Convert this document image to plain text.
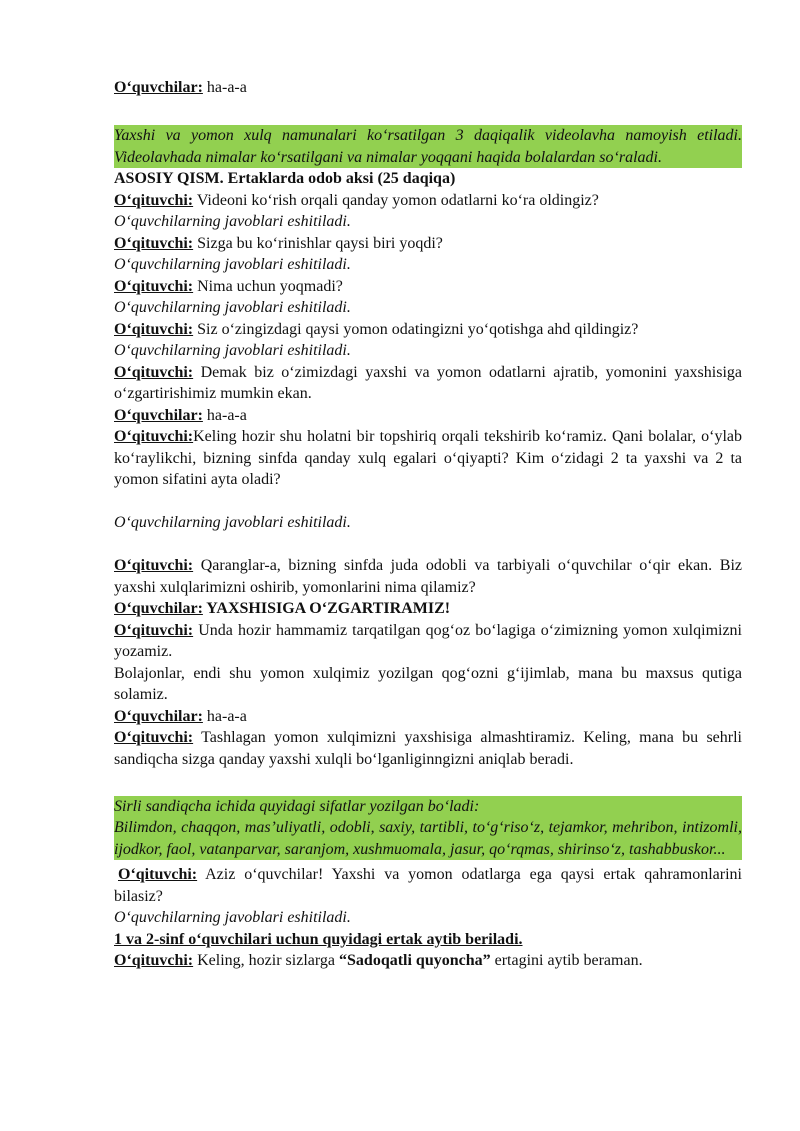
O‘quvchilar: ha-a-a

Yaxshi va yomon xulq namunalari ko‘rsatilgan 3 daqiqalik videolavha namoyish etiladi. Videolavhada nimalar ko‘rsatilgani va nimalar yoqqani haqida bolalardan so‘raladi.

ASOSIY QISM. Ertaklarda odob aksi (25 daqiqa)

O‘qituvchi: Videoni ko‘rish orqali qanday yomon odatlarni ko‘ra oldingiz?

O‘quvchilarning javoblari eshitiladi.

O‘qituvchi: Sizga bu ko‘rinishlar qaysi biri yoqdi?

O‘quvchilarning javoblari eshitiladi.

O‘qituvchi: Nima uchun yoqmadi?

O‘quvchilarning javoblari eshitiladi.

O‘qituvchi: Siz o‘zingizdagi qaysi yomon odatingizni yo‘qotishga ahd qildingiz?

O‘quvchilarning javoblari eshitiladi.

O‘qituvchi: Demak biz o‘zimizdagi yaxshi va yomon odatlarni ajratib, yomonini yaxshisiga o‘zgartirishimiz mumkin ekan.

O‘quvchilar: ha-a-a

O‘qituvchi:Keling hozir shu holatni bir topshiriq orqali tekshirib ko‘ramiz. Qani bolalar, o‘ylab ko‘raylikchi, bizning sinfda qanday xulq egalari o‘qiyapti? Kim o‘zidagi 2 ta yaxshi va 2 ta yomon sifatini ayta oladi?

O‘quvchilarning javoblari eshitiladi.

O‘qituvchi: Qaranglar-a, bizning sinfda juda odobli va tarbiyali o‘quvchilar o‘qir ekan. Biz yaxshi xulqlarimizni oshirib, yomonlarini nima qilamiz?

O‘quvchilar: YAXSHISIGA O‘ZGARTIRAMIZ!

O‘qituvchi: Unda hozir hammamiz tarqatilgan qog‘oz bo‘lagiga o‘zimizning yomon xulqimizni yozamiz.

Bolajonlar, endi shu yomon xulqimiz yozilgan qog‘ozni g‘ijimlab, mana bu maxsus qutiga solamiz.

O‘quvchilar: ha-a-a

O‘qituvchi: Tashlagan yomon xulqimizni yaxshisiga almashtiramiz. Keling, mana bu sehrli sandiqcha sizga qanday yaxshi xulqli bo‘lganliginngizni aniqlab beradi.

Sirli sandiqcha ichida quyidagi sifatlar yozilgan bo‘ladi:

Bilimdon, chaqqon, mas’uliyatli, odobli, saxiy, tartibli, to‘g‘riso‘z, tejamkor, mehribon, intizomli, ijodkor, faol, vatanparvar, saranjom, xushmuomala, jasur, qo‘rqmas, shirinso‘z, tashabbuskor...

O‘qituvchi: Aziz o‘quvchilar! Yaxshi va yomon odatlarga ega qaysi ertak qahramonlarini bilasiz?

O‘quvchilarning javoblari eshitiladi.

1 va 2-sinf o‘quvchilari uchun quyidagi ertak aytib beriladi.

O‘qituvchi: Keling, hozir sizlarga “Sadoqatli quyoncha” ertagini aytib beraman.
